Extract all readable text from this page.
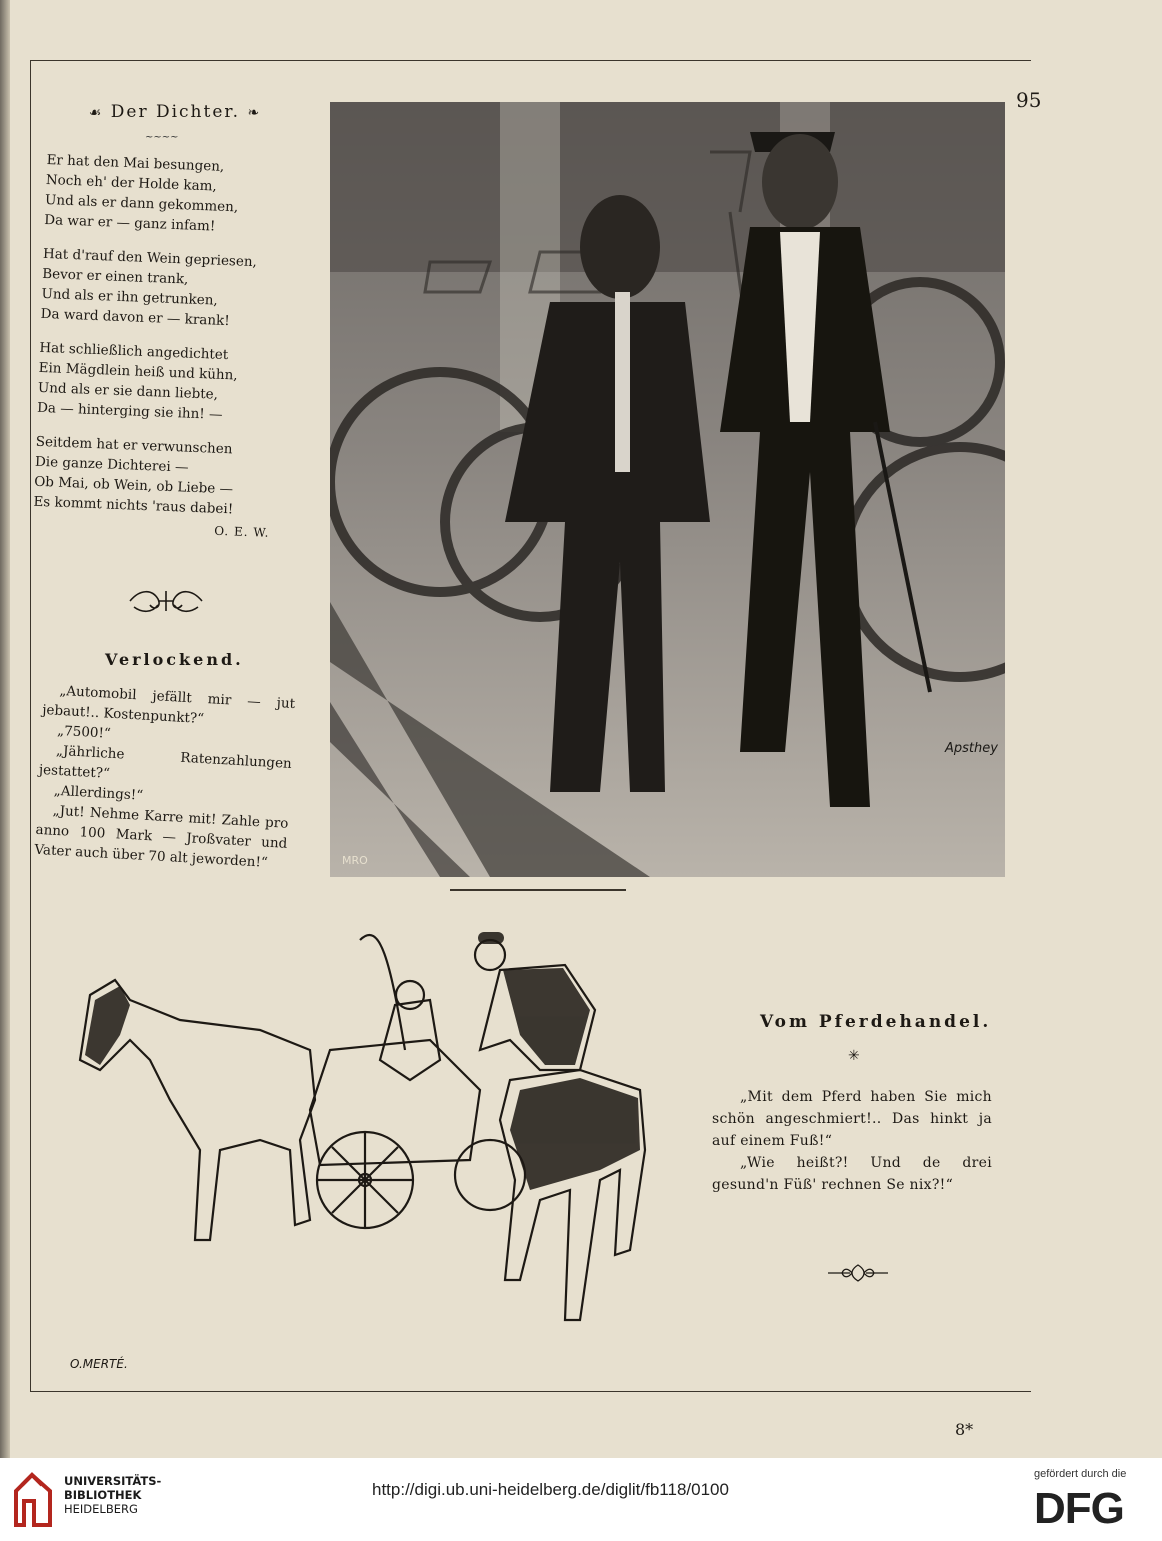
95
☙ Der Dichter. ❧
~~~~
Er hat den Mai besungen,
Noch eh' der Holde kam,
Und als er dann gekommen,
Da war er — ganz infam!
Hat d'rauf den Wein gepriesen,
Bevor er einen trank,
Und als er ihn getrunken,
Da ward davon er — krank!
Hat schließlich angedichtet
Ein Mägdlein heiß und kühn,
Und als er sie dann liebte,
Da — hinterging sie ihn! —
Seitdem hat er verwunschen
Die ganze Dichterei —
Ob Mai, ob Wein, ob Liebe —
Es kommt nichts 'raus dabei!
O. E. W.
Verlockend.

„Automobil jefällt mir — jut jebaut!.. Kostenpunkt?“

„7500!“

„Jährliche Ratenzahlungen jestattet?“

„Allerdings!“

„Jut! Nehme Karre mit! Zahle pro anno 100 Mark — Jroßvater und Vater auch über 70 alt jeworden!“

Apsthey
MRO
O.MERTÉ.
Vom Pferdehandel.
✳

„Mit dem Pferd haben Sie mich schön angeschmiert!.. Das hinkt ja auf einem Fuß!“

„Wie heißt?! Und de drei gesund'n Füß' rechnen Se nix?!“

8*
UNIVERSITÄTS-
BIBLIOTHEK
HEIDELBERG
http://digi.ub.uni-heidelberg.de/diglit/fb118/0100
gefördert durch die
DFG
